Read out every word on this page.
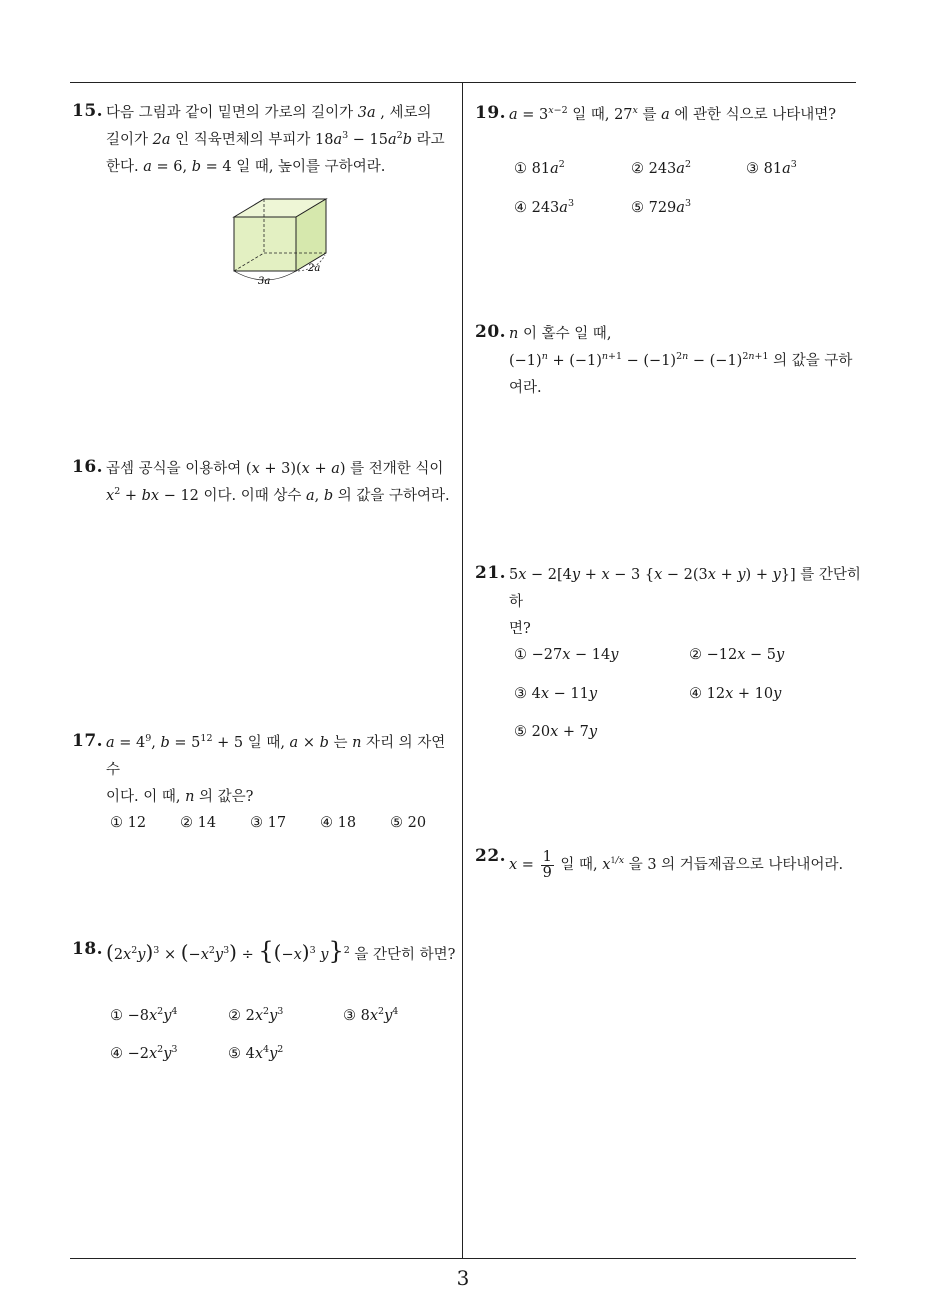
3
15. 다음 그림과 같이 밑면의 가로의 길이가 3a , 세로의
길이가 2a 인 직육면체의 부피가 $18a^3 - 15a^2b$ 라고
한다. a = 6, b = 4 일 때, 높이를 구하여라.
3a
2a
16. 곱셈 공식을 이용하여 (x + 3)(x + a) 를 전개한 식이
$x^2$ + bx − 12 이다. 이때 상수 a, b 의 값을 구하여라.
17. $a = 4^9$, $b = 5^{12} + 5$ 일 때, a × b 는 n 자리 의 자연수
이다. 이 때, n 의 값은?
① 12 ② 14 ③ 17 ④ 18 ⑤ 20
18. $(2x^2y)^3 \times (-x^2y^3) \div \{(-x)^3$ y}$^2$ 을 간단히 하면?
① $-8x^2y^4$	② $2x^2y^3$	③ $8x^2y^4$
④ $-2x^2y^3$	⑤ $4x^4y^2$
19. $a = 3^{x-2}$ 일 때, 27$^x$ 를 a 에 관한 식으로 나타내면?
① $81a^2$	② $243a^2$	③ $81a^3$
④ $243a^3$	⑤ $729a^3$
20. n 이 홀수 일 때,
$(-1)^n + (-1)^{n+1} - (-1)^{2n} - (-1)^{2n+1}$ 의 값을 구하
여라.
21. 5x − 2[4y + x − 3 {x − 2(3x + y) + y}] 를 간단히 하
면?
① −27x − 14y	② −12x − 5y
③ 4x − 11y	④ 12x + 10y
⑤ 20x + 7y
22. $x = \frac{1}{9}$ 일 때, $x^{1/x}$ 을 3 의 거듭제곱으로 나타내어라.
